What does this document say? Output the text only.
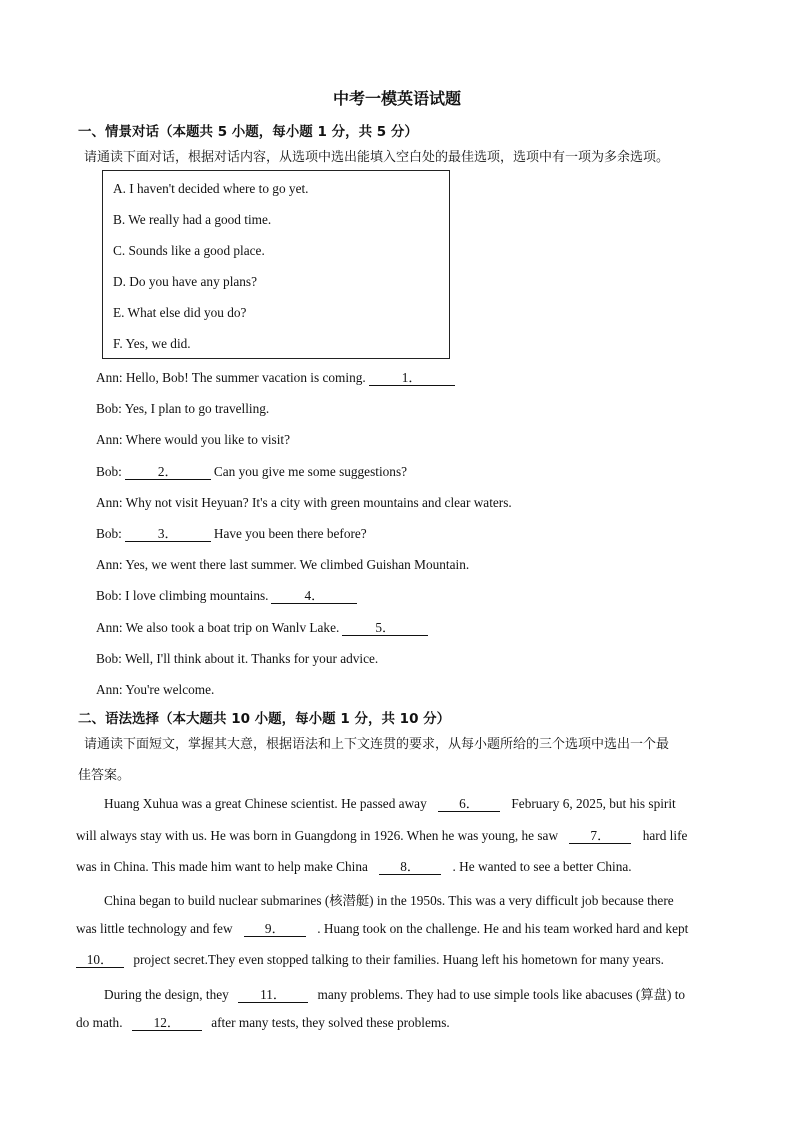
中考一模英语试题
一、情景对话（本题共 5 小题，每小题 1 分，共 5 分）
请通读下面对话，根据对话内容，从选项中选出能填入空白处的最佳选项，选项中有一项为多余选项。
A. I haven't decided where to go yet.
B. We really had a good time.
C. Sounds like a good place.
D. Do you have any plans?
E. What else did you do?
F. Yes, we did.
Ann: Hello, Bob! The summer vacation is coming.	1．
Bob: Yes, I plan to go travelling.
Ann: Where would you like to visit?
Bob:	2．	Can you give me some suggestions?
Ann: Why not visit Heyuan? It's a city with green mountains and clear waters.
Bob:	3．	Have you been there before?
Ann: Yes, we went there last summer. We climbed Guishan Mountain.
Bob: I love climbing mountains.	4．
Ann: We also took a boat trip on Wanlv Lake.	5．
Bob: Well, I'll think about it. Thanks for your advice.
Ann: You're welcome.
二、语法选择（本大题共 10 小题，每小题 1 分，共 10 分）
请通读下面短文，掌握其大意，根据语法和上下文连贯的要求，从每小题所给的三个选项中选出一个最
佳答案。
Huang Xuhua was a great Chinese scientist. He passed away 6． February 6, 2025, but his spirit
will always stay with us. He was born in Guangdong in 1926. When he was young, he saw 7． hard life
was in China. This made him want to help make China 8． . He wanted to see a better China.
China began to build nuclear submarines (核潜艇) in the 1950s. This was a very difficult job because there
was little technology and few 9． . Huang took on the challenge. He and his team worked hard and kept
10． project secret.They even stopped talking to their families. Huang left his hometown for many years.
During the design, they 11． many problems. They had to use simple tools like abacuses (算盘) to
do math. 12． after many tests, they solved these problems.
